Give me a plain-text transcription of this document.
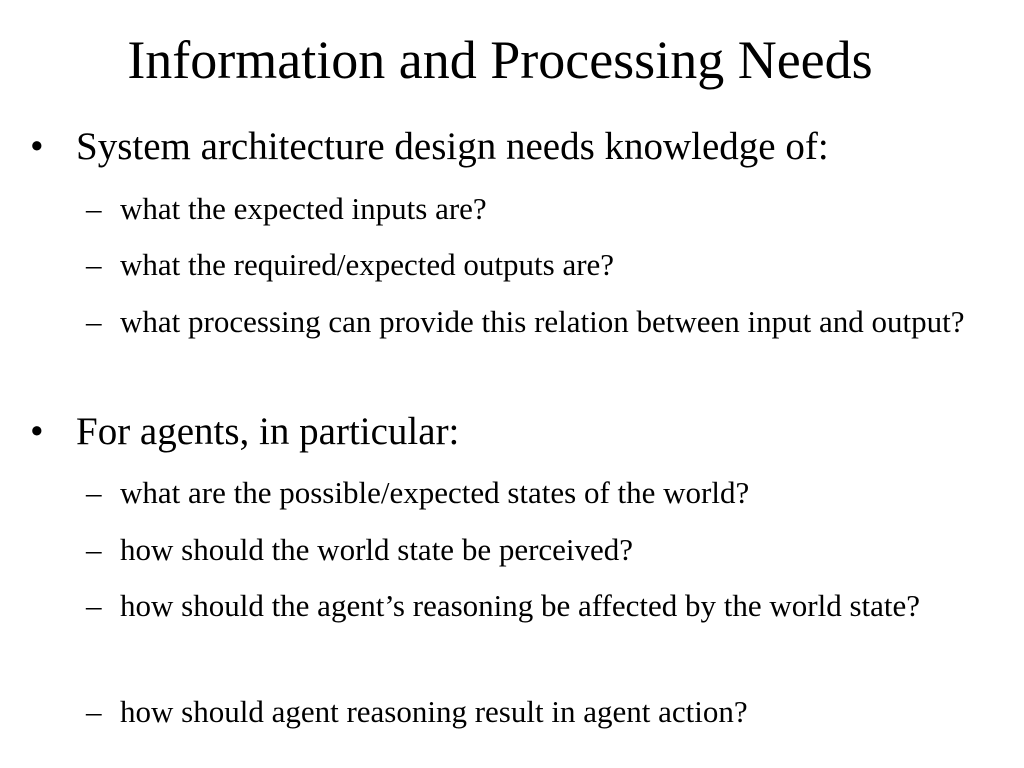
Information and Processing Needs
• System architecture design needs knowledge of:
– what the expected inputs are?
– what the required/expected outputs are?
– what processing can provide this relation between input and output?
• For agents, in particular:
– what are the possible/expected states of the world?
– how should the world state be perceived?
– how should the agent’s reasoning be affected by the world state?
– how should agent reasoning result in agent action?
